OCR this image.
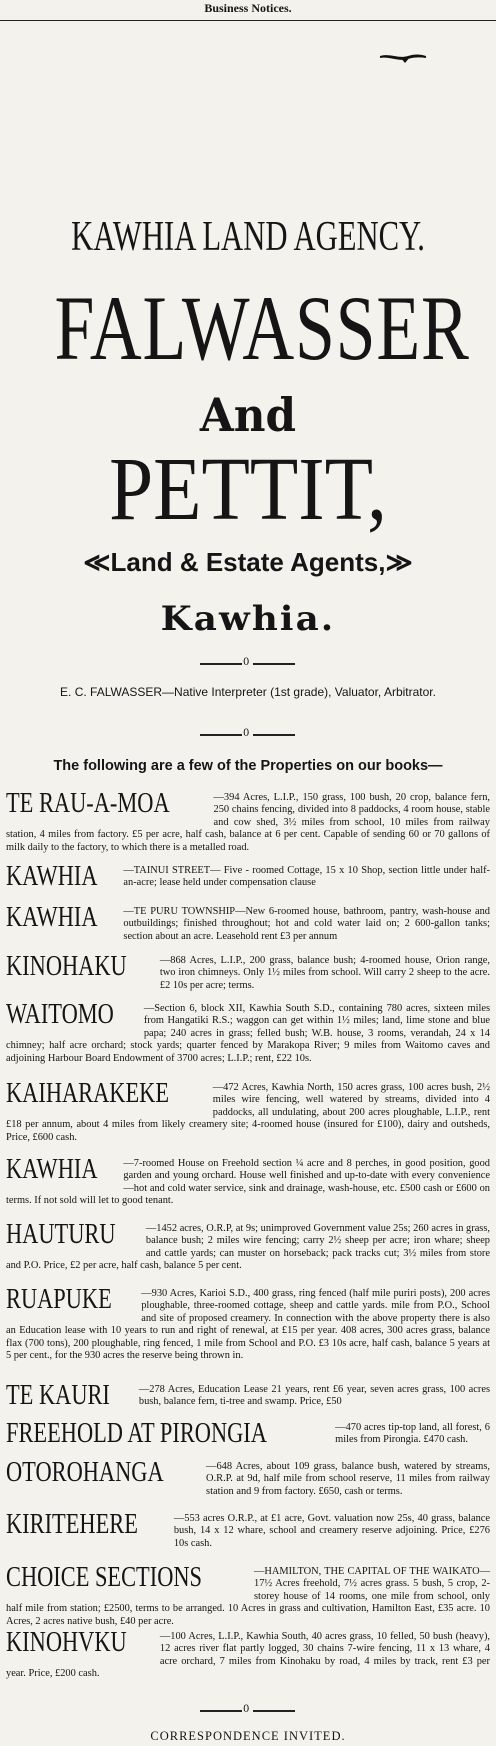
Business Notices.
KAWHIA LAND AGENCY.
FALWASSER
And
PETTIT,
≪Land & Estate Agents,≫
Kawhia.
0
E. C. FALWASSER—Native Interpreter (1st grade), Valuator, Arbitrator.
0
The following are a few of the Properties on our books—
TE RAU-A-MOA	—394 Acres, L.I.P., 150 grass, 100 bush, 20 crop, balance fern, 250 chains fencing, divided into 8 paddocks, 4 room house, stable and cow shed, 3½ miles from school, 10 miles from railway station, 4 miles from factory. £5 per acre, half cash, balance at 6 per cent. Capable of sending 60 or 70 gallons of milk daily to the factory, to which there is a metalled road.
KAWHIA —TAINUI STREET— Five - roomed Cottage, 15 x 10 Shop, section little under half-an-acre; lease held under compensation clause
KAWHIA —TE PURU TOWNSHIP—New 6-roomed house, bathroom, pantry, wash-house and outbuildings; finished throughout; hot and cold water laid on; 2 600-gallon tanks; section about an acre. Leasehold rent £3 per annum
KINOHAKU	—868 Acres, L.I.P., 200 grass, balance bush; 4-roomed house, Orion range, two iron chimneys. Only 1½ miles from school. Will carry 2 sheep to the acre. £2 10s per acre; terms.
WAITOMO	—Section 6, block XII, Kawhia South S.D., containing 780 acres, sixteen miles from Hangatiki R.S.; waggon can get within 1½ miles; land, lime stone and blue papa; 240 acres in grass; felled bush; W.B. house, 3 rooms, verandah, 24 x 14 chimney; half acre orchard; stock yards; quarter fenced by Marakopa River; 9 miles from Waitomo caves and adjoining Harbour Board Endowment of 3700 acres; L.I.P.; rent, £22 10s.
KAIHARAKEKE	—472 Acres, Kawhia North, 150 acres grass, 100 acres bush, 2½ miles wire fencing, well watered by streams, divided into 4 paddocks, all undulating, about 200 acres ploughable, L.I.P., rent £18 per annum, about 4 miles from likely creamery site; 4-roomed house (insured for £100), dairy and outsheds, Price, £600 cash.
KAWHIA —7-roomed House on Freehold section ¼ acre and 8 perches, in good position, good garden and young orchard. House well finished and up-to-date with every convenience—hot and cold water service, sink and drainage, wash-house, etc. £500 cash or £600 on terms. If not sold will let to good tenant.
HAUTURU	—1452 acres, O.R.P, at 9s; unimproved Government value 25s; 260 acres in grass, balance bush; 2 miles wire fencing; carry 2½ sheep per acre; iron whare; sheep and cattle yards; can muster on horseback; pack tracks cut; 3½ miles from store and P.O. Price, £2 per acre, half cash, balance 5 per cent.
RUAPUKE	—930 Acres, Karioi S.D., 400 grass, ring fenced (half mile puriri posts), 200 acres ploughable, three-roomed cottage, sheep and cattle yards. mile from P.O., School and site of proposed creamery. In connection with the above property there is also an Education lease with 10 years to run and right of renewal, at £15 per year. 408 acres, 300 acres grass, balance flax (700 tons), 200 ploughable, ring fenced, 1 mile from School and P.O. £3 10s acre, half cash, balance 5 years at 5 per cent., for the 930 acres the reserve being thrown in.
TE KAURI	—278 Acres, Education Lease 21 years, rent £6 year, seven acres grass, 100 acres bush, balance fern, ti-tree and swamp. Price, £50
FREEHOLD AT PIRONGIA	—470 acres tip-top land, all forest, 6 miles from Pirongia. £470 cash.
OTOROHANGA	—648 Acres, about 109 grass, balance bush, watered by streams, O.R.P. at 9d, half mile from school reserve, 11 miles from railway station and 9 from factory. £650, cash or terms.
KIRITEHERE	—553 acres O.R.P., at £1 acre, Govt. valuation now 25s, 40 grass, balance bush, 14 x 12 whare, school and creamery reserve adjoining. Price, £276 10s cash.
CHOICE SECTIONS	—HAMILTON, THE CAPITAL OF THE WAIKATO—17½ Acres freehold, 7½ acres grass. 5 bush, 5 crop, 2-storey house of 14 rooms, one mile from school, only half mile from station; £2500, terms to be arranged. 10 Acres in grass and cultivation, Hamilton East, £35 acre. 10 Acres, 2 acres native bush, £40 per acre.
KINOHVKU	—100 Acres, L.I.P., Kawhia South, 40 acres grass, 10 felled, 50 bush (heavy), 12 acres river flat partly logged, 30 chains 7-wire fencing, 11 x 13 whare, 4 acre orchard, 7 miles from Kinohaku by road, 4 miles by track, rent £3 per year. Price, £200 cash.
0
CORRESPONDENCE INVITED.
